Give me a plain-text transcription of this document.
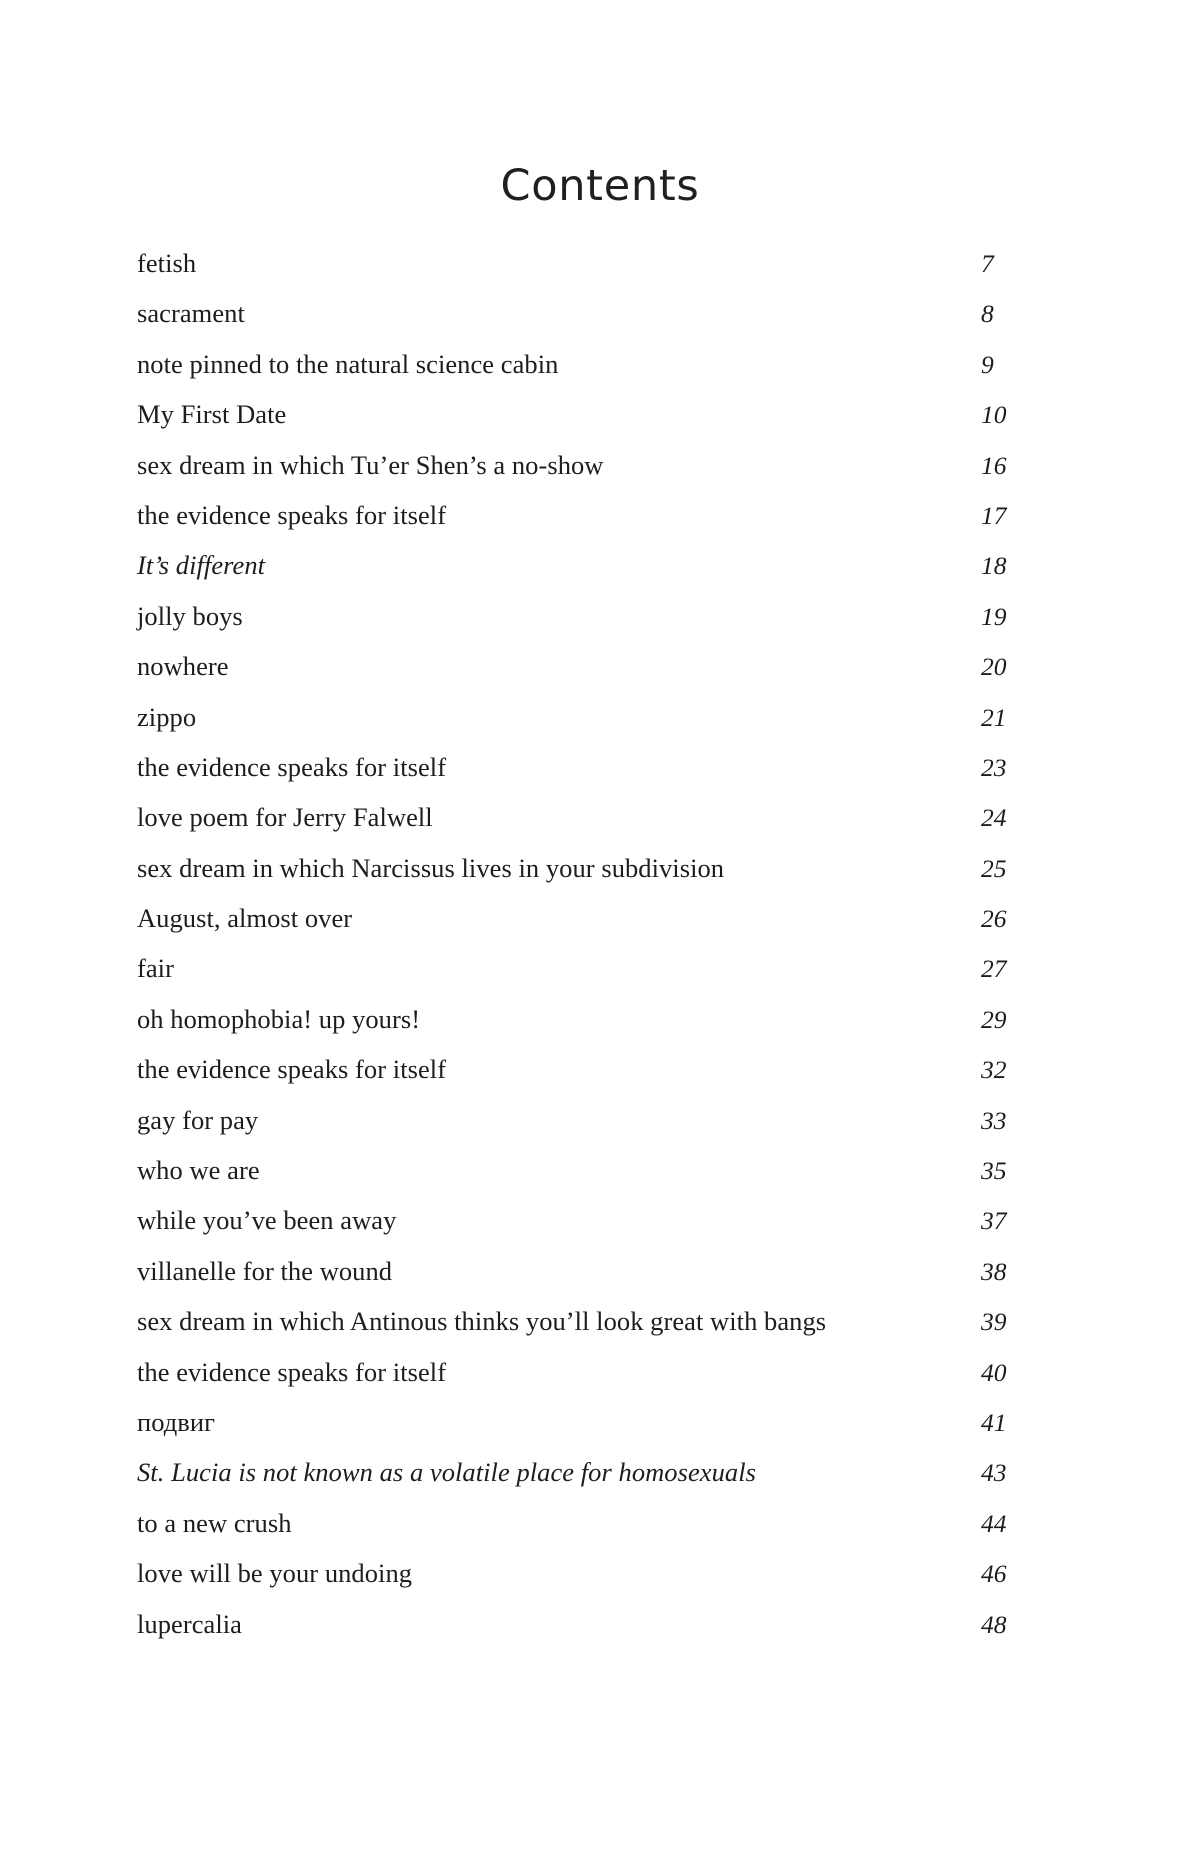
Contents
fetish	7
sacrament	8
note pinned to the natural science cabin	9
My First Date	10
sex dream in which Tu’er Shen’s a no-show	16
the evidence speaks for itself	17
It’s different	18
jolly boys	19
nowhere	20
zippo	21
the evidence speaks for itself	23
love poem for Jerry Falwell	24
sex dream in which Narcissus lives in your subdivision	25
August, almost over	26
fair	27
oh homophobia! up yours!	29
the evidence speaks for itself	32
gay for pay	33
who we are	35
while you’ve been away	37
villanelle for the wound	38
sex dream in which Antinous thinks you’ll look great with bangs	39
the evidence speaks for itself	40
подвиг	41
St. Lucia is not known as a volatile place for homosexuals	43
to a new crush	44
love will be your undoing	46
lupercalia	48
